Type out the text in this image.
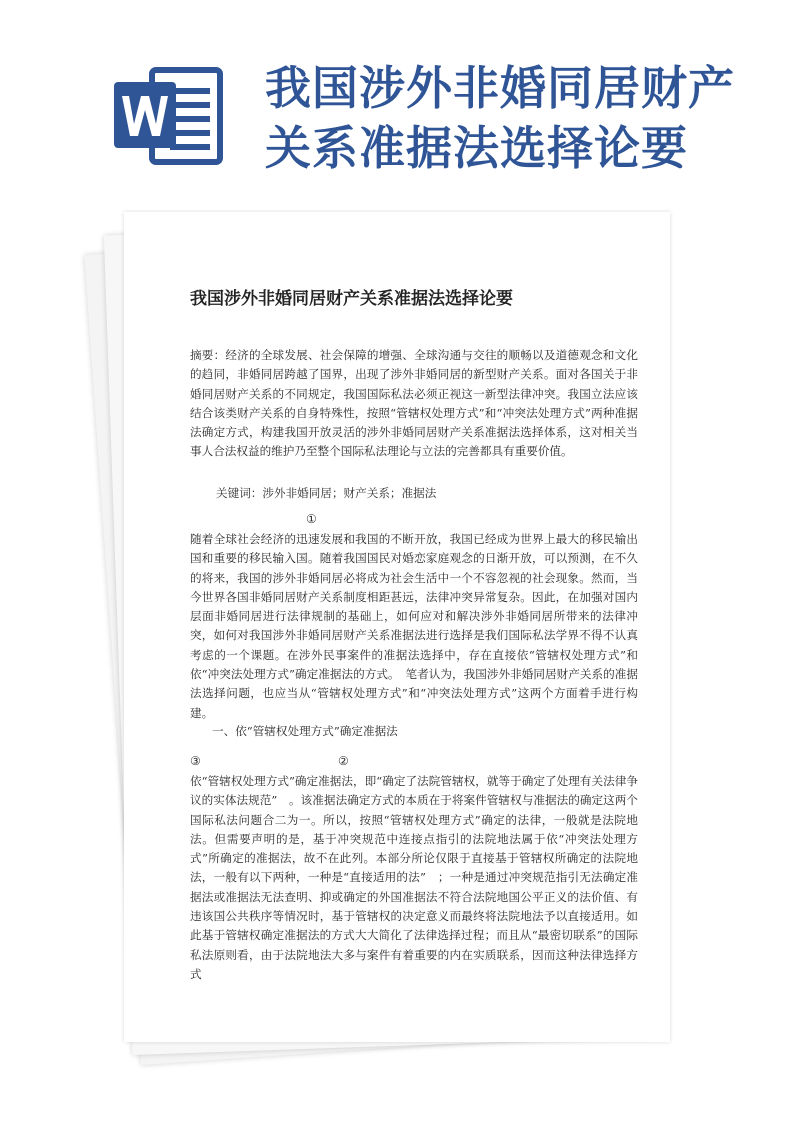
我国涉外非婚同居财产
关系准据法选择论要
我国涉外非婚同居财产关系准据法选择论要

摘要：经济的全球发展、社会保障的增强、全球沟通与交往的顺畅以及道德观念和文化的趋同，非婚同居跨越了国界，出现了涉外非婚同居的新型财产关系。面对各国关于非婚同居财产关系的不同规定，我国国际私法必须正视这一新型法律冲突。我国立法应该结合该类财产关系的自身特殊性，按照“管辖权处理方式”和“冲突法处理方式”两种准据法确定方式，构建我国开放灵活的涉外非婚同居财产关系准据法选择体系，这对相关当事人合法权益的维护乃至整个国际私法理论与立法的完善都具有重要价值。

关键词：涉外非婚同居；财产关系；准据法

①

随着全球社会经济的迅速发展和我国的不断开放，我国已经成为世界上最大的移民输出国和重要的移民输入国。随着我国国民对婚恋家庭观念的日渐开放，可以预测，在不久的将来，我国的涉外非婚同居必将成为社会生活中一个不容忽视的社会现象。然而，当今世界各国非婚同居财产关系制度相距甚远，法律冲突异常复杂。因此，在加强对国内层面非婚同居进行法律规制的基础上，如何应对和解决涉外非婚同居所带来的法律冲突，如何对我国涉外非婚同居财产关系准据法进行选择是我们国际私法学界不得不认真考虑的一个课题。在涉外民事案件的准据法选择中，存在直接依“管辖权处理方式”和依“冲突法处理方式”确定准据法的方式。　笔者认为，我国涉外非婚同居财产关系的准据法选择问题，也应当从“管辖权处理方式”和“冲突法处理方式”这两个方面着手进行构建。

一、依“管辖权处理方式”确定准据法

③	②

依“管辖权处理方式”确定准据法，即“确定了法院管辖权，就等于确定了处理有关法律争议的实体法规范”　。该准据法确定方式的本质在于将案件管辖权与准据法的确定这两个国际私法问题合二为一。所以，按照“管辖权处理方式”确定的法律，一般就是法院地法。但需要声明的是，基于冲突规范中连接点指引的法院地法属于依“冲突法处理方式”所确定的准据法，故不在此列。本部分所论仅限于直接基于管辖权所确定的法院地法，一般有以下两种，一种是“直接适用的法”　；一种是通过冲突规范指引无法确定准据法或准据法无法查明、抑或确定的外国准据法不符合法院地国公平正义的法价值、有违该国公共秩序等情况时，基于管辖权的决定意义而最终将法院地法予以直接适用。如此基于管辖权确定准据法的方式大大简化了法律选择过程；而且从“最密切联系”的国际私法原则看，由于法院地法大多与案件有着重要的内在实质联系，因而这种法律选择方式
